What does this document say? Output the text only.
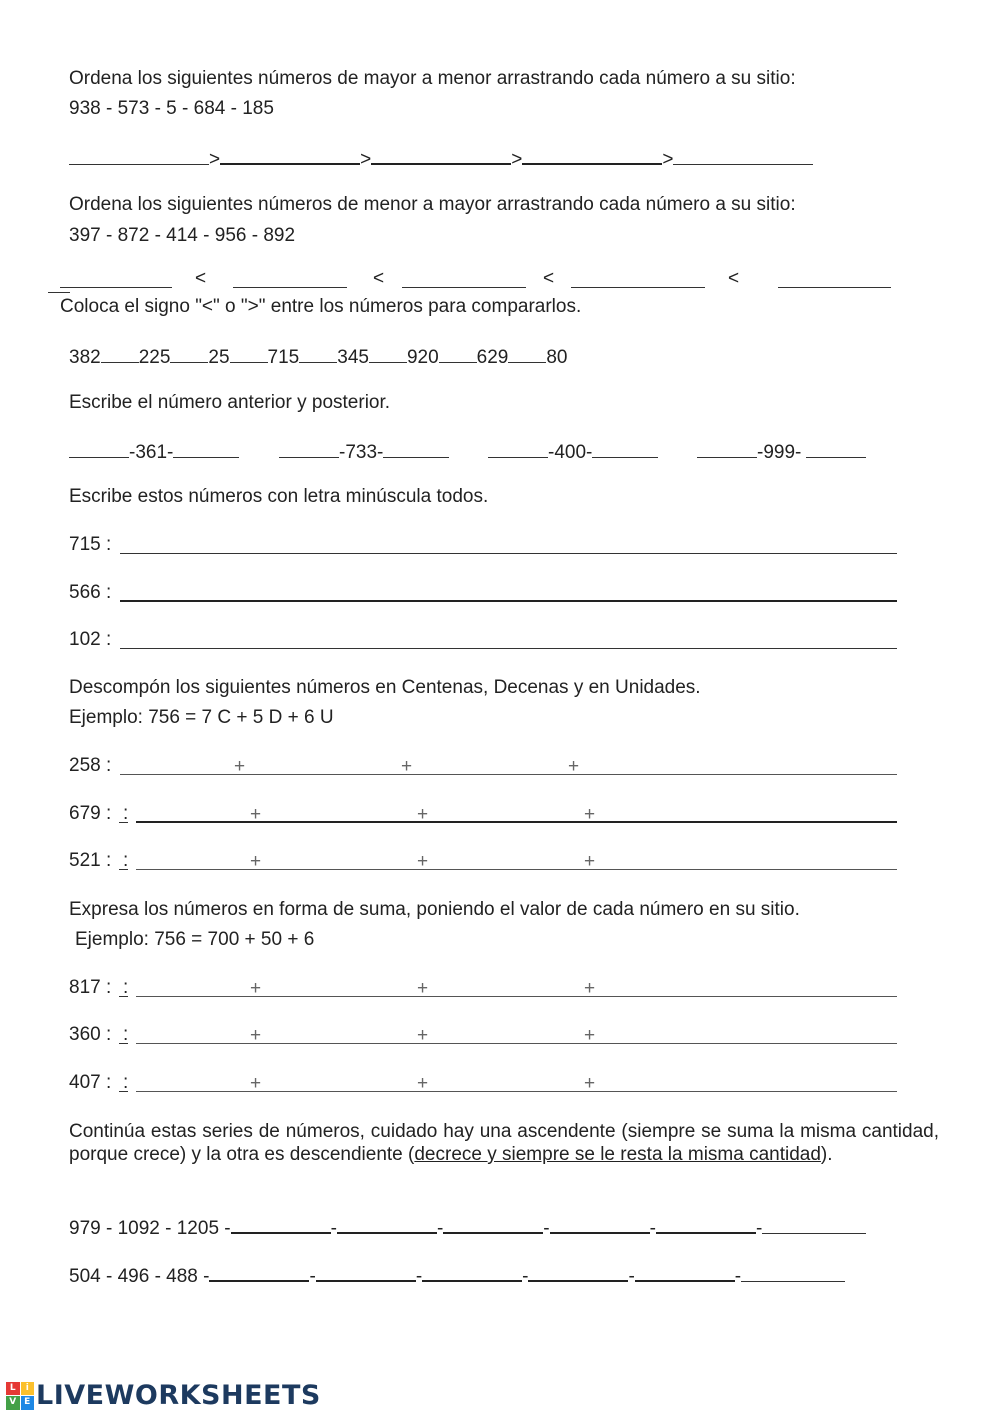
Ordena los siguientes números de mayor a menor arrastrando cada número a su sitio:
938 - 573 - 5 - 684 - 185
>	>	>	>
Ordena los siguientes números de menor a mayor arrastrando cada número a su sitio:
397 - 872 - 414 - 956 - 892
<	<	<	<
Coloca el signo "<" o ">" entre los números para compararlos.
382 225 25 715 345 920 629 80
Escribe el número anterior y posterior.
-361-	-733-	-400-	-999-
Escribe estos números con letra minúscula todos.
715 :
566 :
102 :
Descompón los siguientes números en Centenas, Decenas y en Unidades.
Ejemplo: 756 = 7 C + 5 D + 6 U
258 :	+	+	+
679 : :	+	+	+
521 : :	+	+	+
Expresa los números en forma de suma, poniendo el valor de cada número en su sitio.
Ejemplo: 756 = 700 + 50 + 6
817 : :	+	+	+
360 : :	+	+	+
407 : :	+	+	+
Continúa estas series de números, cuidado hay una ascendente (siempre se suma la misma cantidad, porque crece) y la otra es descendiente (decrece y siempre se le resta la misma cantidad).
979 - 1092 - 1205 -	-	-	-	-	-
504 - 496 - 488 -	-	-	-	-	-
L	i
V E LIVEWORKSHEETS
